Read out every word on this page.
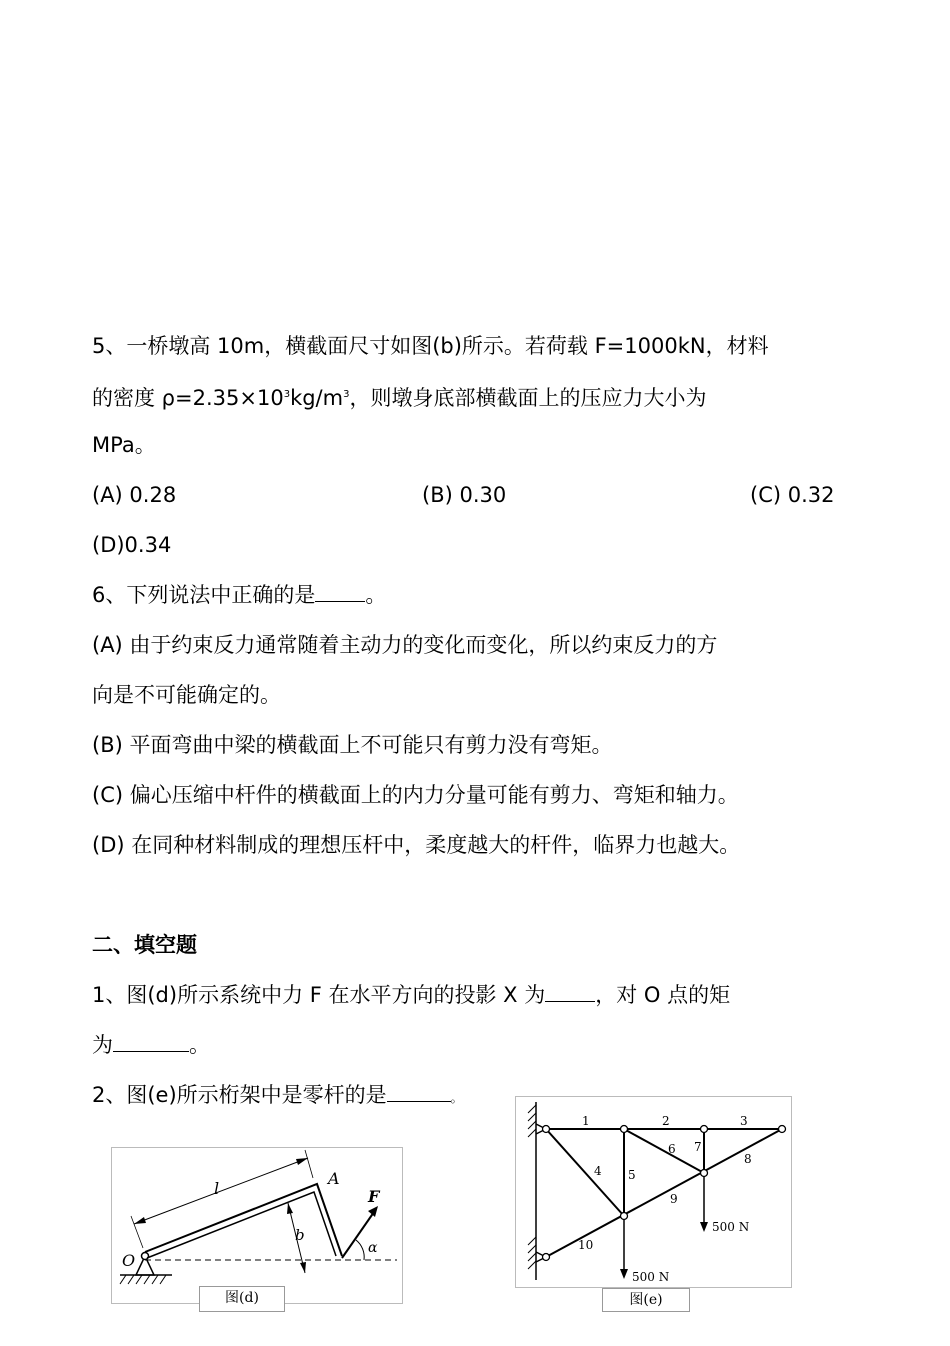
5、一桥墩高 10m，横截面尺寸如图(b)所示。若荷载 F=1000kN，材料
的密度 $\rho=2.35\times 10^3kg/m^3$，则墩身底部横截面上的压应力大小为
MPa。
(A) 0.28	(B) 0.30	(C) 0.32
(D)0.34
6、下列说法中正确的是 。
(A) 由于约束反力通常随着主动力的变化而变化，所以约束反力的方
向是不可能确定的。
(B) 平面弯曲中梁的横截面上不可能只有剪力没有弯矩。
(C) 偏心压缩中杆件的横截面上的内力分量可能有剪力、弯矩和轴力。
(D) 在同种材料制成的理想压杆中，柔度越大的杆件，临界力也越大。
二、填空题
1、图(d)所示系统中力 F 在水平方向的投影 X 为 ，对 O 点的矩
为	。
2、图(e)所示桁架中是零杆的是	。
l
b
F
α
A
O
图(d)
1	2	3
4 5
6 7
8
9
10
500 N
500 N
图(e)
